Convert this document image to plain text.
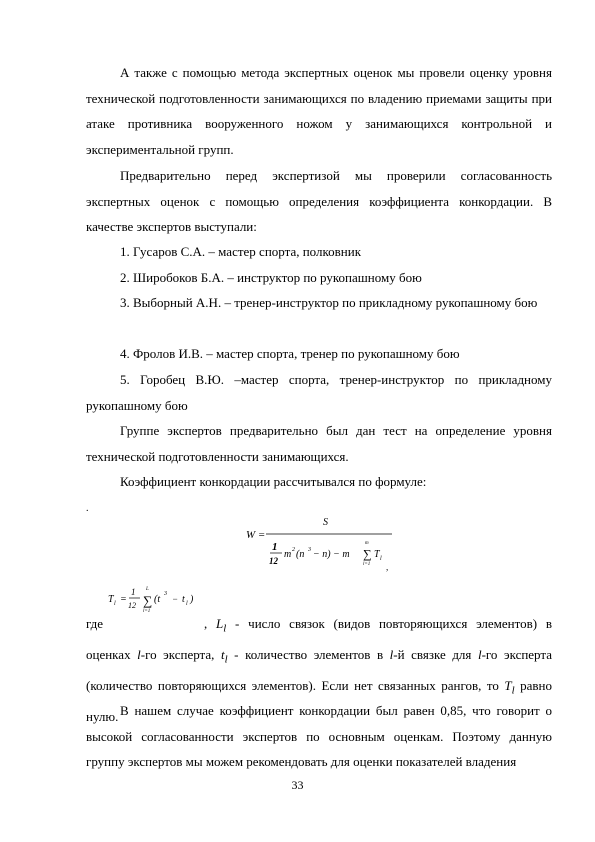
А также с помощью метода экспертных оценок мы провели оценку уровня технической подготовленности занимающихся по владению приемами защиты при атаке противника вооруженного ножом у занимающихся контрольной и экспериментальной групп.

Предварительно перед экспертизой мы проверили согласованность экспертных оценок с помощью определения коэффициента конкордации. В качестве экспертов выступали:

1. Гусаров С.А. – мастер спорта, полковник

2. Широбоков Б.А. – инструктор по рукопашному бою

3. Выборный А.Н. – тренер-инструктор по прикладному рукопашному бою

4. Фролов И.В. – мастер спорта, тренер по рукопашному бою

5. Горобец В.Ю. –мастер спорта, тренер-инструктор по прикладному рукопашному бою

Группе экспертов предварительно был дан тест на определение уровня технической подготовленности занимающихся.

Коэффициент конкордации рассчитывался по формуле:

.
W =
S
1
12
m 2 (n 3 − n) − m
m
∑
l=1
T l
,
T l =
1
12
L
∑
l=1
(t 3 − t l )

где	, $L_l$ - число связок (видов повторяющихся элементов) в оценках l-го эксперта, $t_l$ - количество элементов в l-й связке для l-го эксперта (количество повторяющихся элементов). Если нет связанных рангов, то $T_l$ равно нулю. В нашем случае коэффициент конкордации был равен 0,85, что говорит о высокой согласованности экспертов по основным оценкам. Поэтому данную группу экспертов мы можем рекомендовать для оценки показателей владения

33
